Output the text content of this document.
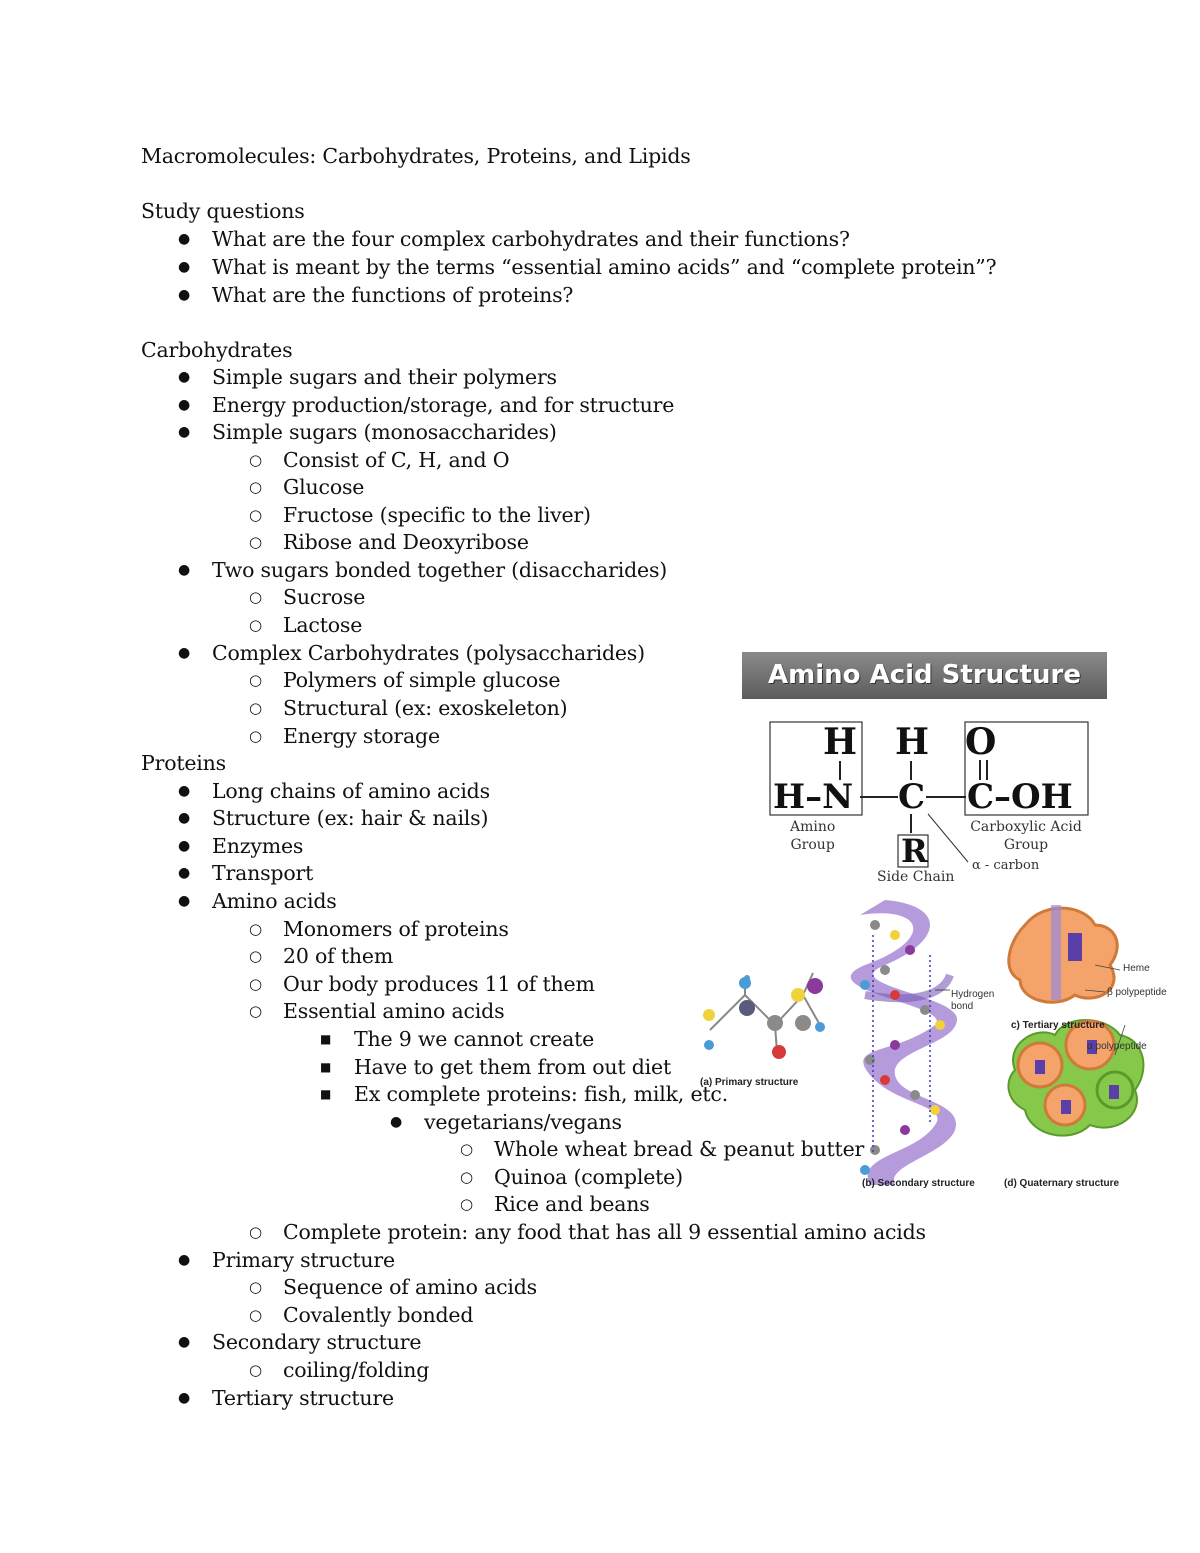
Macromolecules: Carbohydrates, Proteins, and Lipids
Study questions
●
What are the four complex carbohydrates and their functions?
●
What is meant by the terms “essential amino acids” and “complete protein”?
●
What are the functions of proteins?
Carbohydrates
●
Simple sugars and their polymers
●
Energy production/storage, and for structure
●
Simple sugars (monosaccharides)
○
Consist of C, H, and O
○
Glucose
○
Fructose (specific to the liver)
○
Ribose and Deoxyribose
●
Two sugars bonded together (disaccharides)
○
Sucrose
○
Lactose
●
Complex Carbohydrates (polysaccharides)
○
Polymers of simple glucose
○
Structural (ex: exoskeleton)
○
Energy storage
Proteins
●
Long chains of amino acids
●
Structure (ex: hair & nails)
●
Enzymes
●
Transport
●
Amino acids
○
Monomers of proteins
○
20 of them
○
Our body produces 11 of them
○
Essential amino acids
■
The 9 we cannot create
■
Have to get them from out diet
■
Ex complete proteins: fish, milk, etc.
●
vegetarians/vegans
○
Whole wheat bread & peanut butter
○
Quinoa (complete)
○
Rice and beans
○
Complete protein: any food that has all 9 essential amino acids
●
Primary structure
○
Sequence of amino acids
○
Covalently bonded
●
Secondary structure
○
coiling/folding
●
Tertiary structure
Amino Acid Structure
H H O
H–N C C–OH
R
Amino
Group
Carboxylic Acid
Group
Side Chain
α - carbon
(a) Primary structure
(b) Secondary structure
c) Tertiary structure
(d) Quaternary structure
Hydrogen
bond
Heme
β polypeptide
α polypeptide
